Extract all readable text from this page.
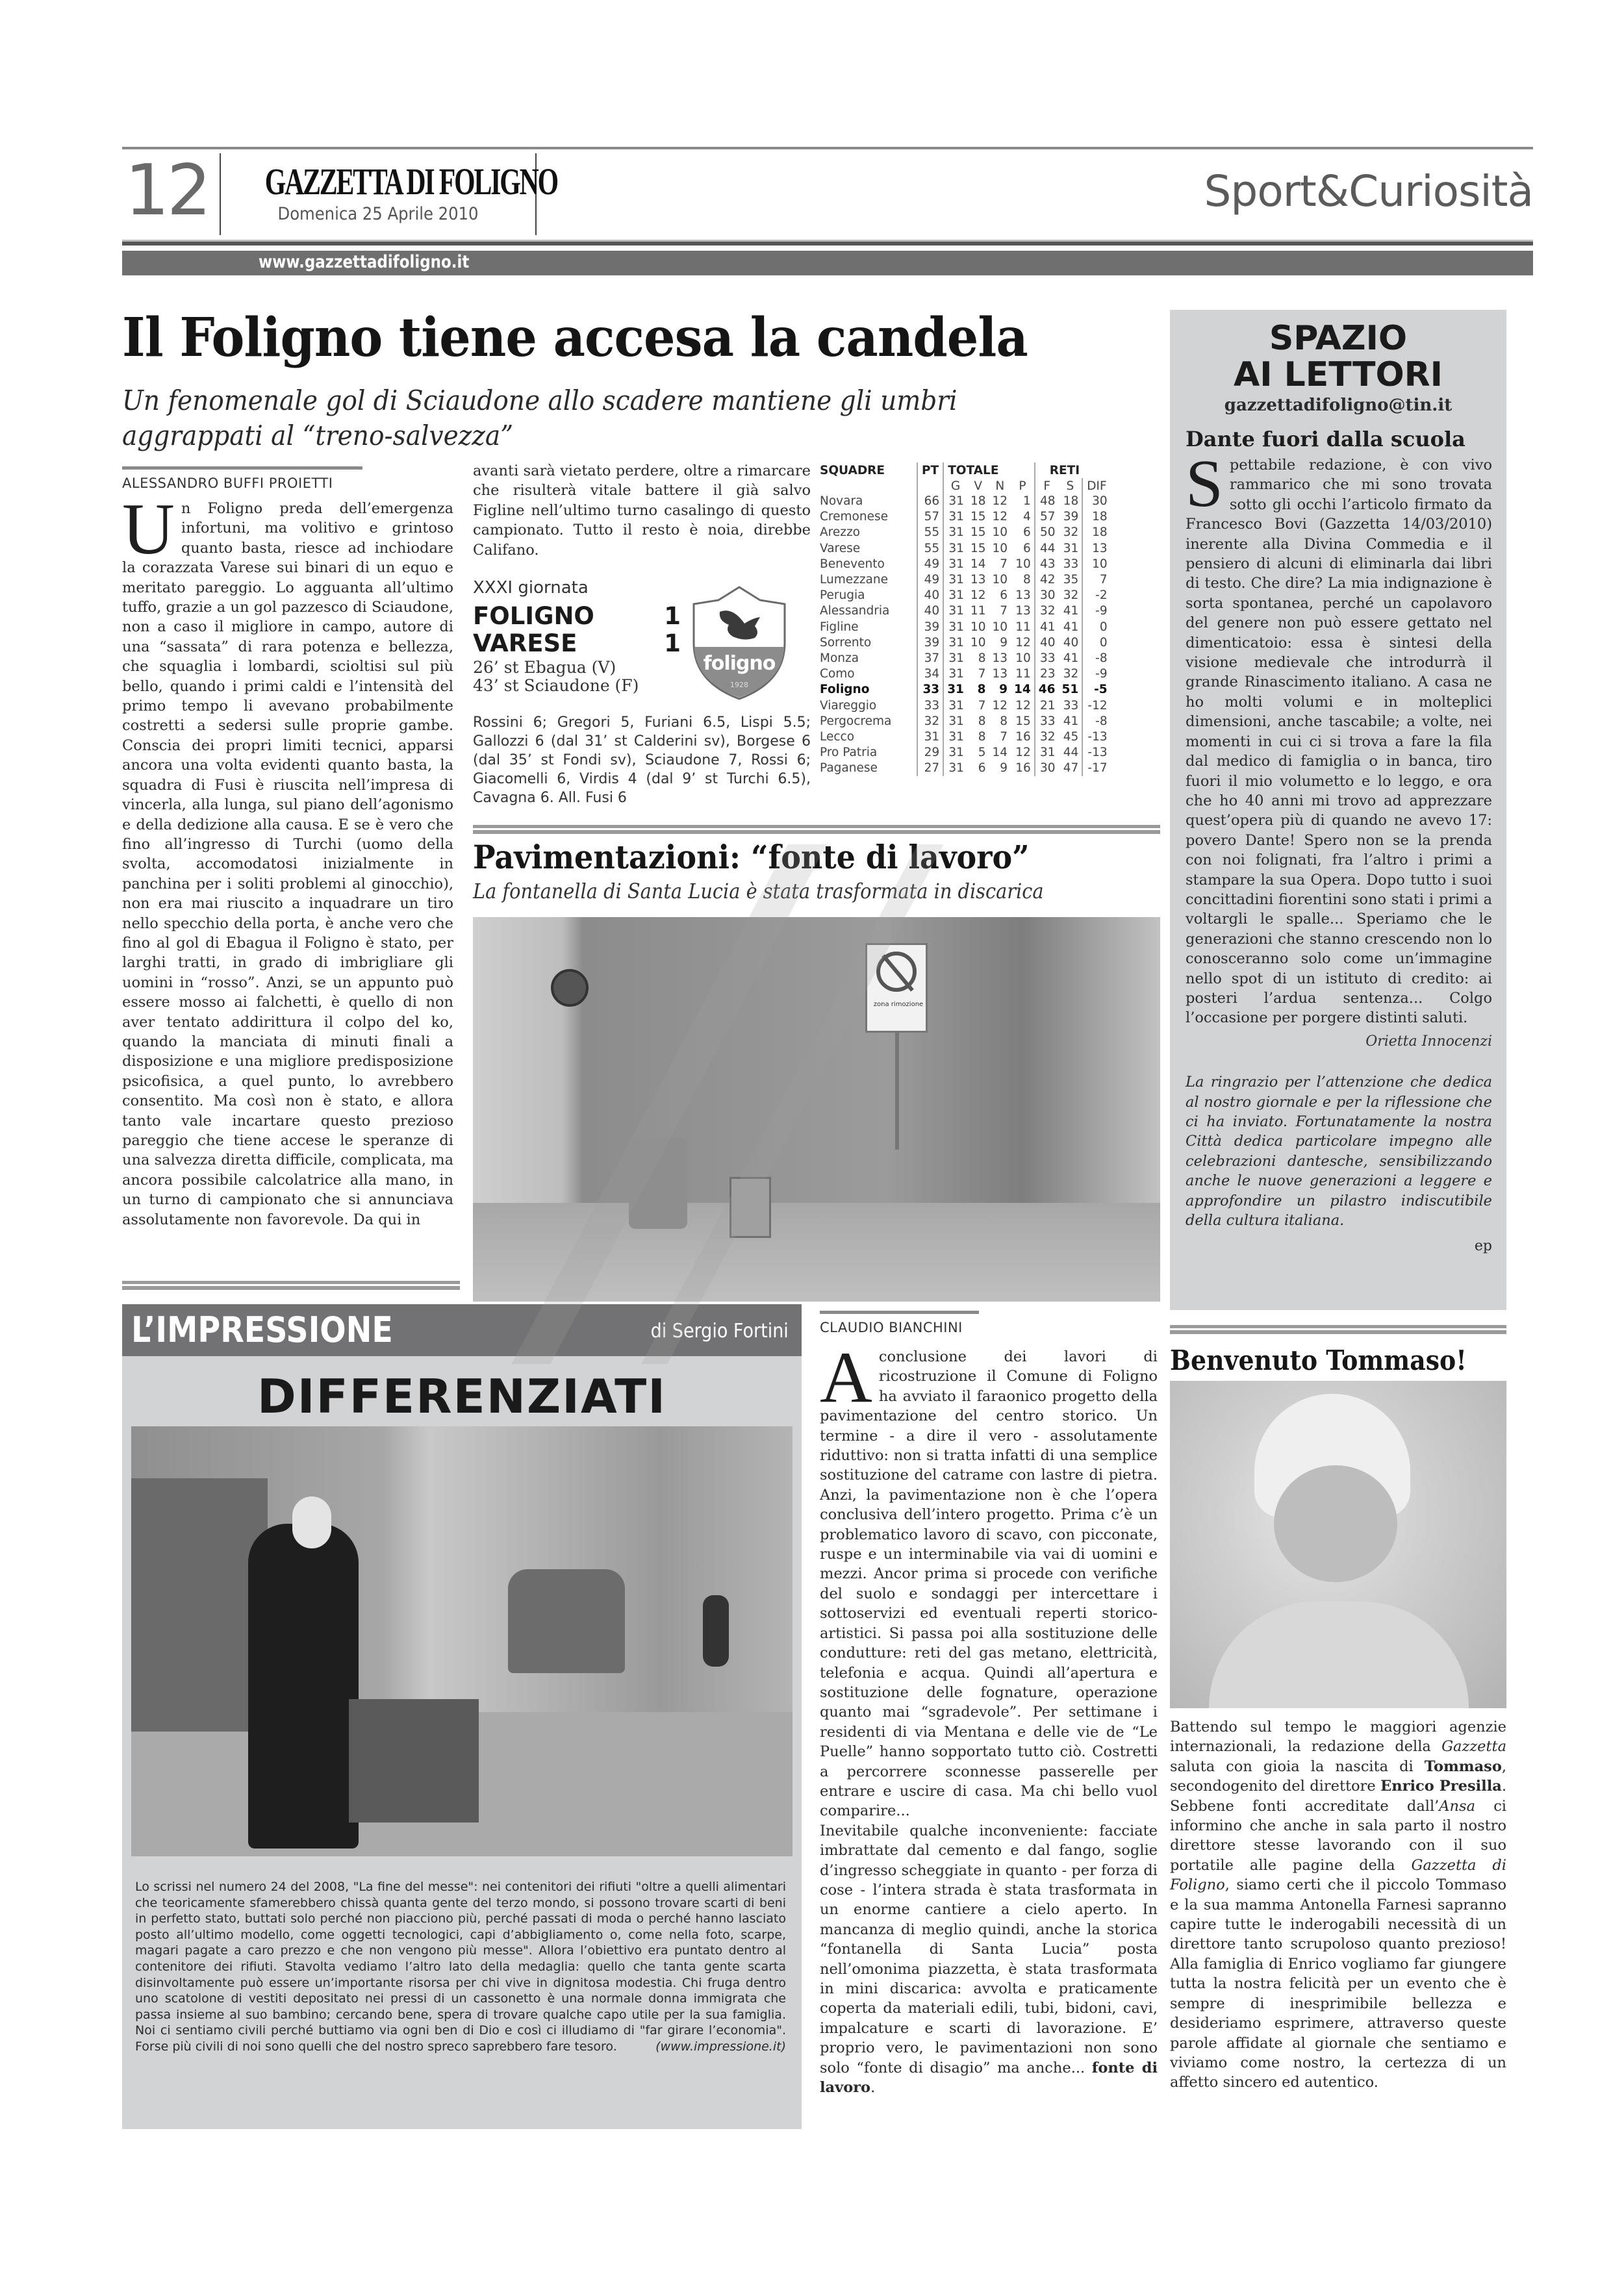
12 GAZZETTA DI FOLIGNO
Domenica 25 Aprile 2010	Sport&Curiosità
www.gazzettadifoligno.it
Il Foligno tiene accesa la candela
Un fenomenale gol di Sciaudone allo scadere mantiene gli umbri aggrappati al “treno-salvezza”
ALESSANDRO BUFFI PROIETTI
Un Foligno preda dell’emergenza infortuni, ma volitivo e grintoso quanto basta, riesce ad inchiodare la corazzata Varese sui binari di un equo e meritato pareggio. Lo agguanta all’ultimo tuffo, grazie a un gol pazzesco di Sciaudone, non a caso il migliore in campo, autore di una “sassata” di rara potenza e bellezza, che squaglia i lombardi, scioltisi sul più bello, quando i primi caldi e l’intensità del primo tempo li avevano probabilmente costretti a sedersi sulle proprie gambe. Conscia dei propri limiti tecnici, apparsi ancora una volta evidenti quanto basta, la squadra di Fusi è riuscita nell’impresa di vincerla, alla lunga, sul piano dell’agonismo e della dedizione alla causa. E se è vero che fino all’ingresso di Turchi (uomo della svolta, accomodatosi inizialmente in panchina per i soliti problemi al ginocchio), non era mai riuscito a inquadrare un tiro nello specchio della porta, è anche vero che fino al gol di Ebagua il Foligno è stato, per larghi tratti, in grado di imbrigliare gli uomini in “rosso”. Anzi, se un appunto può essere mosso ai falchetti, è quello di non aver tentato addirittura il colpo del ko, quando la manciata di minuti finali a disposizione e una migliore predisposizione psicofisica, a quel punto, lo avrebbero consentito. Ma così non è stato, e allora tanto vale incartare questo prezioso pareggio che tiene accese le speranze di una salvezza diretta difficile, complicata, ma ancora possibile calcolatrice alla mano, in un turno di campionato che si annunciava assolutamente non favorevole. Da qui in
avanti sarà vietato perdere, oltre a rimarcare che risulterà vitale battere il già salvo Figline nell’ultimo turno casalingo di questo campionato. Tutto il resto è noia, direbbe Califano.
XXXI giornata
FOLIGNO	1
VARESE	1
26’ st Ebagua (V)
43’ st Sciaudone (F)
Rossini 6; Gregori 5, Furiani 6.5, Lispi 5.5; Gallozzi 6 (dal 31’ st Calderini sv), Borgese 6 (dal 35’ st Fondi sv), Sciaudone 7, Rossi 6; Giacomelli 6, Virdis 4 (dal 9’ st Turchi 6.5), Cavagna 6. All. Fusi 6
foligno
1928
SQUADRE	PT	TOTALE				RETI		
		G	V	N	P	F	S	DIF
Novara	66	31	18	12	1	48	18	30
Cremonese	57	31	15	12	4	57	39	18
Arezzo	55	31	15	10	6	50	32	18
Varese	55	31	15	10	6	44	31	13
Benevento	49	31	14	7	10	43	33	10
Lumezzane	49	31	13	10	8	42	35	7
Perugia	40	31	12	6	13	30	32	-2
Alessandria	40	31	11	7	13	32	41	-9
Figline	39	31	10	10	11	41	41	0
Sorrento	39	31	10	9	12	40	40	0
Monza	37	31	8	13	10	33	41	-8
Como	34	31	7	13	11	23	32	-9
Foligno	33	31	8	9	14	46	51	-5
Viareggio	33	31	7	12	12	21	33	-12
Pergocrema	32	31	8	8	15	33	41	-8
Lecco	31	31	8	7	16	32	45	-13
Pro Patria	29	31	5	14	12	31	44	-13
Paganese	27	31	6	9	16	30	47	-17
Pavimentazioni: “fonte di lavoro”
La fontanella di Santa Lucia è stata trasformata in discarica
zona rimozione
CLAUDIO BIANCHINI
A conclusione dei lavori di ricostruzione il Comune di Foligno ha avviato il faraonico progetto della pavimentazione del centro storico. Un termine - a dire il vero - assolutamente riduttivo: non si tratta infatti di una semplice sostituzione del catrame con lastre di pietra. Anzi, la pavimentazione non è che l’opera conclusiva dell’intero progetto. Prima c’è un problematico lavoro di scavo, con picconate, ruspe e un interminabile via vai di uomini e mezzi. Ancor prima si procede con verifiche del suolo e sondaggi per intercettare i sottoservizi ed eventuali reperti storico-artistici. Si passa poi alla sostituzione delle condutture: reti del gas metano, elettricità, telefonia e acqua. Quindi all’apertura e sostituzione delle fognature, operazione quanto mai “sgradevole”. Per settimane i residenti di via Mentana e delle vie de “Le Puelle” hanno sopportato tutto ciò. Costretti a percorrere sconnesse passerelle per entrare e uscire di casa. Ma chi bello vuol comparire...
Inevitabile qualche inconveniente: facciate imbrattate dal cemento e dal fango, soglie d’ingresso scheggiate in quanto - per forza di cose - l’intera strada è stata trasformata in un enorme cantiere a cielo aperto. In mancanza di meglio quindi, anche la storica “fontanella di Santa Lucia” posta nell’omonima piazzetta, è stata trasformata in mini discarica: avvolta e praticamente coperta da materiali edili, tubi, bidoni, cavi, impalcature e scarti di lavorazione. E’ proprio vero, le pavimentazioni non sono solo “fonte di disagio” ma anche... fonte di lavoro.
L’IMPRESSIONE	di Sergio Fortini
DIFFERENZIATI
Lo scrissi nel numero 24 del 2008, "La fine del messe": nei contenitori dei rifiuti "oltre a quelli alimentari che teoricamente sfamerebbero chissà quanta gente del terzo mondo, si possono trovare scarti di beni in perfetto stato, buttati solo perché non piacciono più, perché passati di moda o perché hanno lasciato posto all’ultimo modello, come oggetti tecnologici, capi d’abbigliamento o, come nella foto, scarpe, magari pagate a caro prezzo e che non vengono più messe". Allora l’obiettivo era puntato dentro al contenitore dei rifiuti. Stavolta vediamo l’altro lato della medaglia: quello che tanta gente scarta disinvoltamente può essere un’importante risorsa per chi vive in dignitosa modestia. Chi fruga dentro uno scatolone di vestiti depositato nei pressi di un cassonetto è una normale donna immigrata che passa insieme al suo bambino; cercando bene, spera di trovare qualche capo utile per la sua famiglia. Noi ci sentiamo civili perché buttiamo via ogni ben di Dio e così ci illudiamo di "far girare l’economia". Forse più civili di noi sono quelli che del nostro spreco saprebbero fare tesoro.	(www.impressione.it)
SPAZIO
AI LETTORI
gazzettadifoligno@tin.it
Dante fuori dalla scuola
Spettabile redazione, è con vivo rammarico che mi sono trovata sotto gli occhi l’articolo firmato da Francesco Bovi (Gazzetta 14/03/2010) inerente alla Divina Commedia e il pensiero di alcuni di eliminarla dai libri di testo. Che dire? La mia indignazione è sorta spontanea, perché un capolavoro del genere non può essere gettato nel dimenticatoio: essa è sintesi della visione medievale che introdurrà il grande Rinascimento italiano. A casa ne ho molti volumi e in molteplici dimensioni, anche tascabile; a volte, nei momenti in cui ci si trova a fare la fila dal medico di famiglia o in banca, tiro fuori il mio volumetto e lo leggo, e ora che ho 40 anni mi trovo ad apprezzare quest’opera più di quando ne avevo 17: povero Dante! Spero non se la prenda con noi folignati, fra l’altro i primi a stampare la sua Opera. Dopo tutto i suoi concittadini fiorentini sono stati i primi a voltargli le spalle... Speriamo che le generazioni che stanno crescendo non lo conosceranno solo come un’immagine nello spot di un istituto di credito: ai posteri l’ardua sentenza... Colgo l’occasione per porgere distinti saluti.
Orietta Innocenzi
La ringrazio per l’attenzione che dedica al nostro giornale e per la riflessione che ci ha inviato. Fortunatamente la nostra Città dedica particolare impegno alle celebrazioni dantesche, sensibilizzando anche le nuove generazioni a leggere e approfondire un pilastro indiscutibile della cultura italiana.
ep
Benvenuto Tommaso!
Battendo sul tempo le maggiori agenzie internazionali, la redazione della Gazzetta saluta con gioia la nascita di Tommaso, secondogenito del direttore Enrico Presilla. Sebbene fonti accreditate dall’Ansa ci informino che anche in sala parto il nostro direttore stesse lavorando con il suo portatile alle pagine della Gazzetta di Foligno, siamo certi che il piccolo Tommaso e la sua mamma Antonella Farnesi sapranno capire tutte le inderogabili necessità di un direttore tanto scrupoloso quanto prezioso! Alla famiglia di Enrico vogliamo far giungere tutta la nostra felicità per un evento che è sempre di inesprimibile bellezza e desideriamo esprimere, attraverso queste parole affidate al giornale che sentiamo e viviamo come nostro, la certezza di un affetto sincero ed autentico.
